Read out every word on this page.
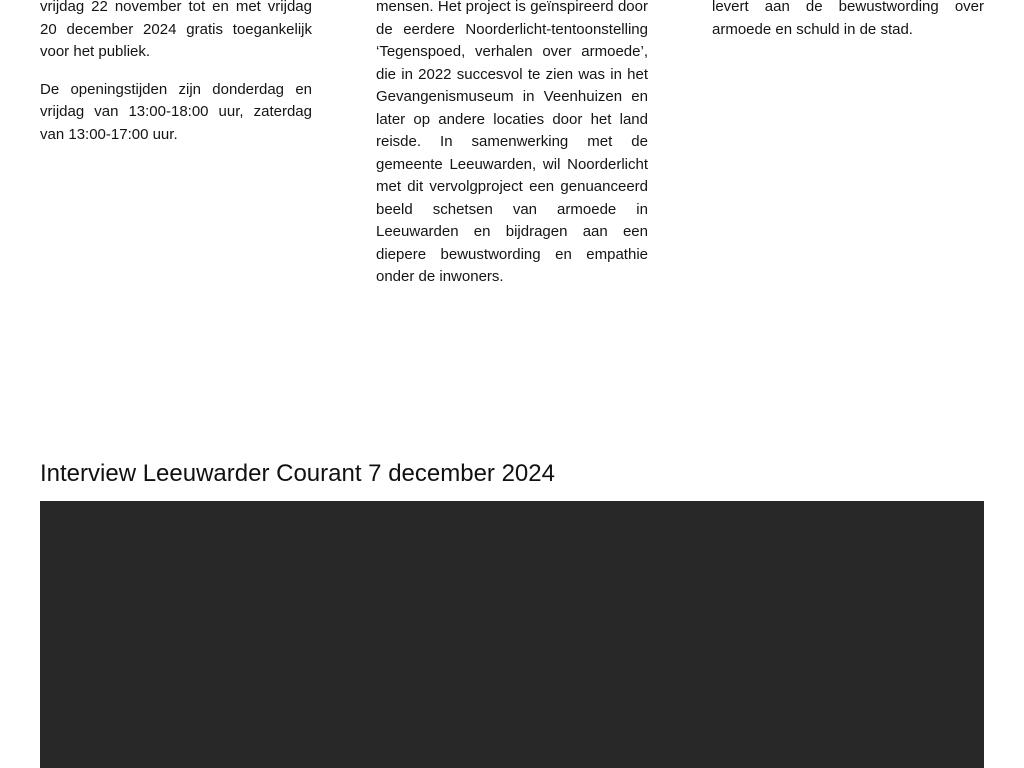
vrijdag 22 november tot en met vrijdag 20 december 2024 gratis toegankelijk voor het publiek.

De openingstijden zijn donderdag en vrijdag van 13:00-18:00 uur, zaterdag van 13:00-17:00 uur.

mensen. Het project is geïnspireerd door de eerdere Noorderlicht-tentoonstelling ‘Tegenspoed, verhalen over armoede’, die in 2022 succesvol te zien was in het Gevangenismuseum in Veenhuizen en later op andere locaties door het land reisde. In samenwerking met de gemeente Leeuwarden, wil Noorderlicht met dit vervolgproject een genuanceerd beeld schetsen van armoede in Leeuwarden en bijdragen aan een diepere bewustwording en empathie onder de inwoners.

levert aan de bewustwording over armoede en schuld in de stad.

Interview Leeuwarder Courant 7 december 2024
